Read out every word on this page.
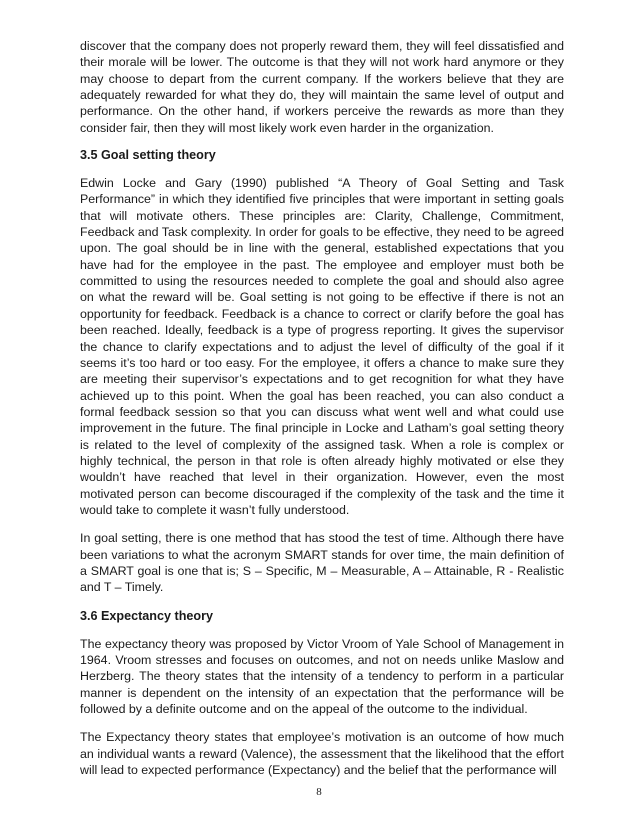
discover that the company does not properly reward them, they will feel dissatisfied and their morale will be lower. The outcome is that they will not work hard anymore or they may choose to depart from the current company. If the workers believe that they are adequately rewarded for what they do, they will maintain the same level of output and performance. On the other hand, if workers perceive the rewards as more than they consider fair, then they will most likely work even harder in the organization.

3.5 Goal setting theory

Edwin Locke and Gary (1990) published “A Theory of Goal Setting and Task Performance” in which they identified five principles that were important in setting goals that will motivate others. These principles are: Clarity, Challenge, Commitment, Feedback and Task complexity. In order for goals to be effective, they need to be agreed upon. The goal should be in line with the general, established expectations that you have had for the employee in the past. The employee and employer must both be committed to using the resources needed to complete the goal and should also agree on what the reward will be. Goal setting is not going to be effective if there is not an opportunity for feedback. Feedback is a chance to correct or clarify before the goal has been reached. Ideally, feedback is a type of progress reporting. It gives the supervisor the chance to clarify expectations and to adjust the level of difficulty of the goal if it seems it’s too hard or too easy. For the employee, it offers a chance to make sure they are meeting their supervisor’s expectations and to get recognition for what they have achieved up to this point. When the goal has been reached, you can also conduct a formal feedback session so that you can discuss what went well and what could use improvement in the future. The final principle in Locke and Latham’s goal setting theory is related to the level of complexity of the assigned task. When a role is complex or highly technical, the person in that role is often already highly motivated or else they wouldn’t have reached that level in their organization. However, even the most motivated person can become discouraged if the complexity of the task and the time it would take to complete it wasn’t fully understood.

In goal setting, there is one method that has stood the test of time. Although there have been variations to what the acronym SMART stands for over time, the main definition of a SMART goal is one that is; S – Specific, M – Measurable, A – Attainable, R - Realistic and T – Timely.

3.6 Expectancy theory

The expectancy theory was proposed by Victor Vroom of Yale School of Management in 1964. Vroom stresses and focuses on outcomes, and not on needs unlike Maslow and Herzberg. The theory states that the intensity of a tendency to perform in a particular manner is dependent on the intensity of an expectation that the performance will be followed by a definite outcome and on the appeal of the outcome to the individual.

The Expectancy theory states that employee’s motivation is an outcome of how much an individual wants a reward (Valence), the assessment that the likelihood that the effort will lead to expected performance (Expectancy) and the belief that the performance will

8
